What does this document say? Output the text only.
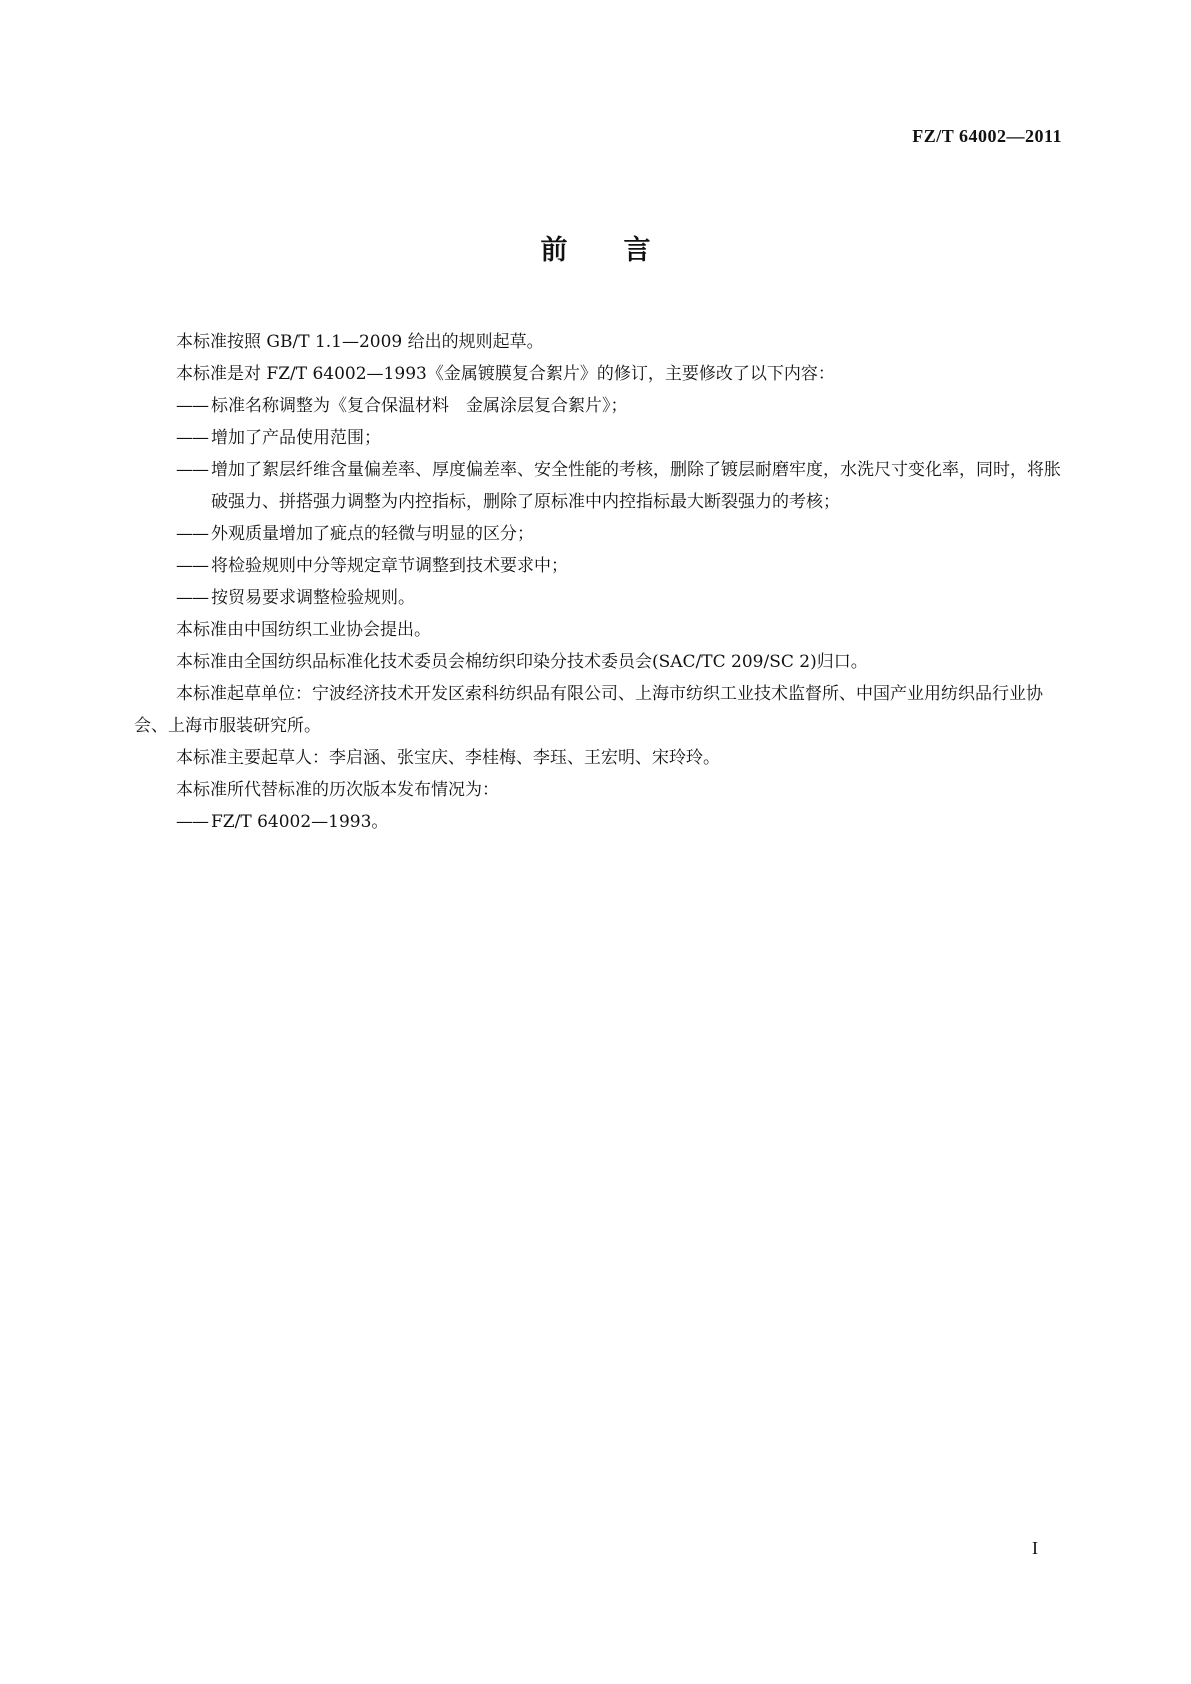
FZ/T 64002—2011
前言

本标准按照 GB/T 1.1—2009 给出的规则起草。

本标准是对 FZ/T 64002—1993《金属镀膜复合絮片》的修订，主要修改了以下内容：

—— 标准名称调整为《复合保温材料　金属涂层复合絮片》；

—— 增加了产品使用范围；

—— 增加了絮层纤维含量偏差率、厚度偏差率、安全性能的考核，删除了镀层耐磨牢度，水洗尺寸变化率，同时，将胀破强力、拼搭强力调整为内控指标，删除了原标准中内控指标最大断裂强力的考核；

—— 外观质量增加了疵点的轻微与明显的区分；

—— 将检验规则中分等规定章节调整到技术要求中；

—— 按贸易要求调整检验规则。

本标准由中国纺织工业协会提出。

本标准由全国纺织品标准化技术委员会棉纺织印染分技术委员会(SAC/TC 209/SC 2)归口。

本标准起草单位：宁波经济技术开发区索科纺织品有限公司、上海市纺织工业技术监督所、中国产业用纺织品行业协会、上海市服装研究所。

本标准主要起草人：李启涵、张宝庆、李桂梅、李珏、王宏明、宋玲玲。

本标准所代替标准的历次版本发布情况为：

—— FZ/T 64002—1993。

I
